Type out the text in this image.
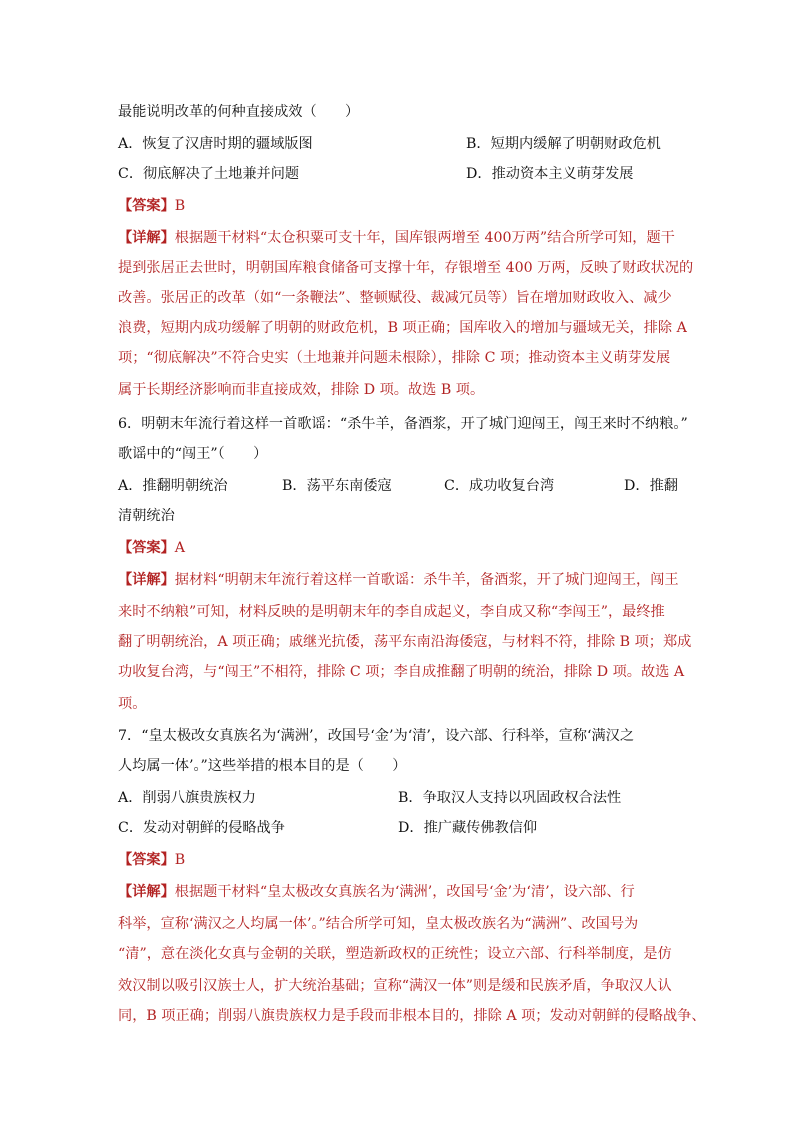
最能说明改革的何种直接成效（　　）
A．恢复了汉唐时期的疆域版图	B．短期内缓解了明朝财政危机
C．彻底解决了土地兼并问题	D．推动资本主义萌芽发展
【答案】B
【详解】根据题干材料“太仓积粟可支十年，国库银两增至 400万两”结合所学可知，题干
提到张居正去世时，明朝国库粮食储备可支撑十年，存银增至 400 万两，反映了财政状况的
改善。张居正的改革（如“一条鞭法”、整顿赋役、裁减冗员等）旨在增加财政收入、减少
浪费，短期内成功缓解了明朝的财政危机，B 项正确；国库收入的增加与疆域无关，排除 A
项；“彻底解决”不符合史实（土地兼并问题未根除），排除 C 项；推动资本主义萌芽发展
属于长期经济影响而非直接成效，排除 D 项。故选 B 项。
6．明朝末年流行着这样一首歌谣：“杀牛羊，备酒浆，开了城门迎闯王，闯王来时不纳粮。”
歌谣中的“闯王”（　　）
A．推翻明朝统治	B．荡平东南倭寇	C．成功收复台湾	D．推翻
清朝统治
【答案】A
【详解】据材料“明朝末年流行着这样一首歌谣：杀牛羊，备酒浆，开了城门迎闯王，闯王
来时不纳粮”可知，材料反映的是明朝末年的李自成起义，李自成又称“李闯王”，最终推
翻了明朝统治，A 项正确；戚继光抗倭，荡平东南沿海倭寇，与材料不符，排除 B 项；郑成
功收复台湾，与“闯王”不相符，排除 C 项；李自成推翻了明朝的统治，排除 D 项。故选 A
项。
7．“皇太极改女真族名为‘满洲’，改国号‘金’为‘清’，设六部、行科举，宣称‘满汉之
人均属一体’。”这些举措的根本目的是（　　）
A．削弱八旗贵族权力	B．争取汉人支持以巩固政权合法性
C．发动对朝鲜的侵略战争	D．推广藏传佛教信仰
【答案】B
【详解】根据题干材料“皇太极改女真族名为‘满洲’，改国号‘金’为‘清’，设六部、行
科举，宣称‘满汉之人均属一体’。”结合所学可知，皇太极改族名为“满洲”、改国号为
“清”，意在淡化女真与金朝的关联，塑造新政权的正统性；设立六部、行科举制度，是仿
效汉制以吸引汉族士人，扩大统治基础；宣称“满汉一体”则是缓和民族矛盾，争取汉人认
同，B 项正确；削弱八旗贵族权力是手段而非根本目的，排除 A 项；发动对朝鲜的侵略战争、
